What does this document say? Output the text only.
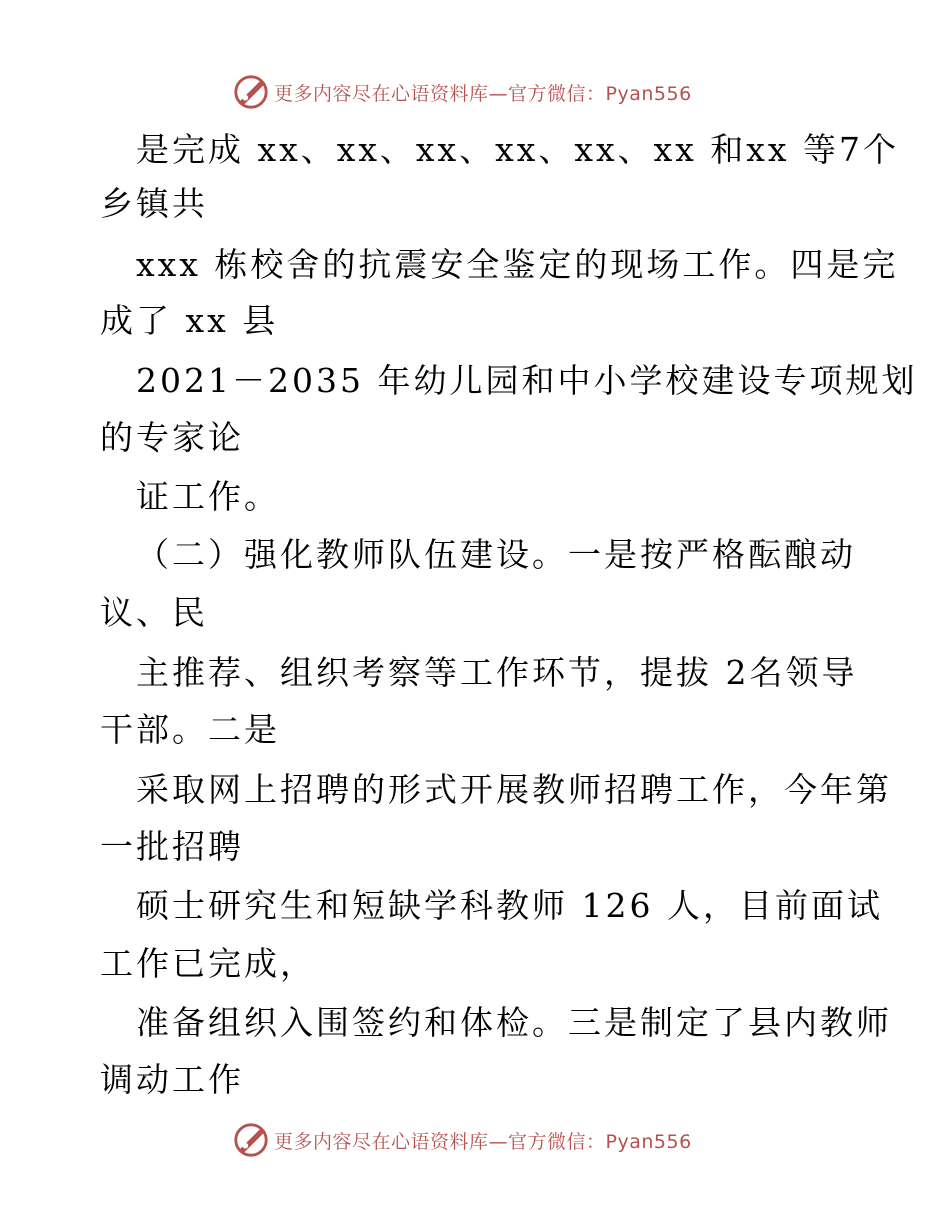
更多内容尽在心语资料库—官方微信：Pyan556
是完成 xx、xx、xx、xx、xx、xx 和xx 等7个
乡镇共
xxx 栋校舍的抗震安全鉴定的现场工作。四是完
成了 xx 县
2021－2035 年幼儿园和中小学校建设专项规划
的专家论
证工作。
（二）强化教师队伍建设。一是按严格酝酿动
议、民
主推荐、组织考察等工作环节，提拔 2名领导
干部。二是
采取网上招聘的形式开展教师招聘工作，今年第
一批招聘
硕士研究生和短缺学科教师 126 人，目前面试
工作已完成，
准备组织入围签约和体检。三是制定了县内教师
调动工作
更多内容尽在心语资料库—官方微信：Pyan556
